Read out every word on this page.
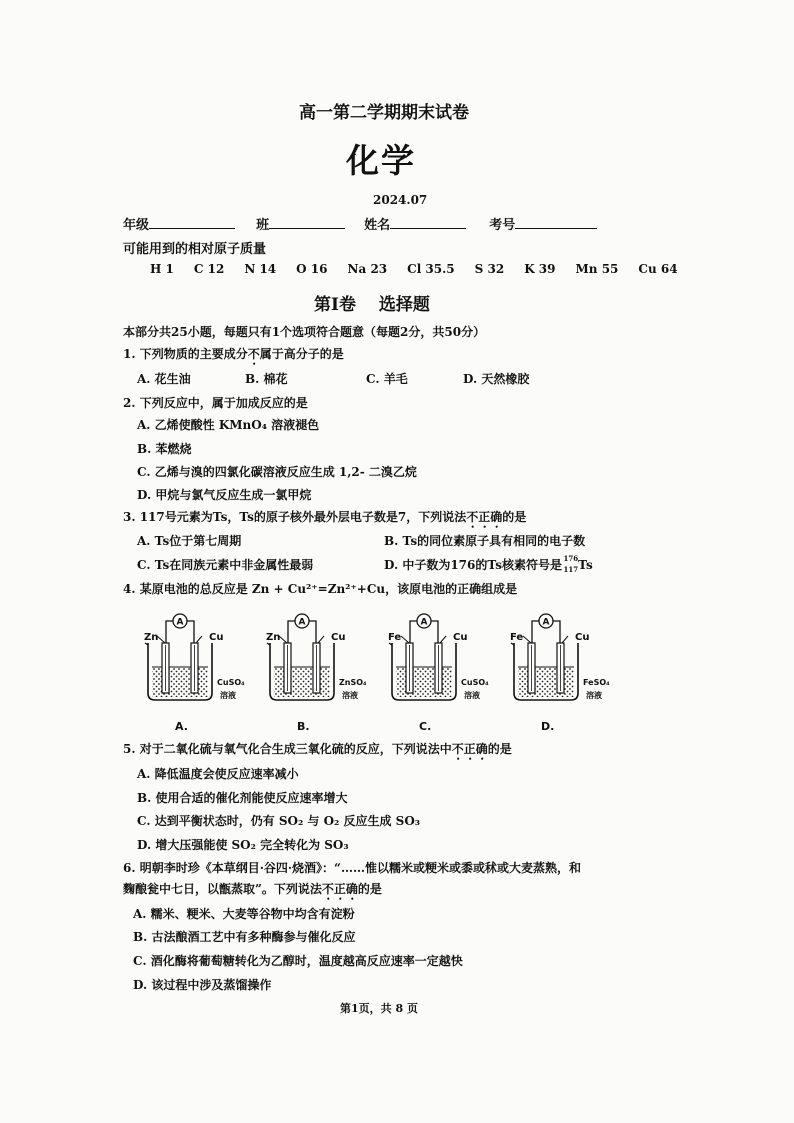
高一第二学期期末试卷
化学
2024.07
年级	班	姓名	考号
可能用到的相对原子质量
H 1 C 12 N 14 O 16 Na 23 Cl 35.5 S 32 K 39 Mn 55 Cu 64
第I卷　 选择题
本部分共25小题，每题只有1个选项符合题意（每题2分，共50分）
1. 下列物质的主要成分不属于高分子的是
A. 花生油	B. 棉花	C. 羊毛	D. 天然橡胶
2. 下列反应中，属于加成反应的是
A. 乙烯使酸性 KMnO₄ 溶液褪色
B. 苯燃烧
C. 乙烯与溴的四氯化碳溶液反应生成 1,2- 二溴乙烷
D. 甲烷与氯气反应生成一氯甲烷
3. 117号元素为Ts，Ts的原子核外最外层电子数是7，下列说法不正确的是
A. Ts位于第七周期	B. Ts的同位素原子具有相同的电子数
C. Ts在同族元素中非金属性最弱	D. 中子数为176的Ts核素符号是 176
117 Ts
4. 某原电池的总反应是 Zn + Cu²⁺=Zn²⁺+Cu，该原电池的正确组成是
Zn	Cu
A
CuSO₄
溶液
A.
Zn	Cu
A
ZnSO₄
溶液
B.
Fe	Cu
A
CuSO₄
溶液
C.
Fe	Cu
A
FeSO₄
溶液
D.
5. 对于二氧化硫与氧气化合生成三氧化硫的反应，下列说法中不正确的是
A. 降低温度会使反应速率减小
B. 使用合适的催化剂能使反应速率增大
C. 达到平衡状态时，仍有 SO₂ 与 O₂ 反应生成 SO₃
D. 增大压强能使 SO₂ 完全转化为 SO₃
6. 明朝李时珍《本草纲目·谷四·烧酒》：“……惟以糯米或粳米或黍或秫或大麦蒸熟，和
麴酿瓮中七日，以甑蒸取”。下列说法不正确的是
A. 糯米、粳米、大麦等谷物中均含有淀粉
B. 古法酿酒工艺中有多种酶参与催化反应
C. 酒化酶将葡萄糖转化为乙醇时，温度越高反应速率一定越快
D. 该过程中涉及蒸馏操作
第1页，共 8 页
